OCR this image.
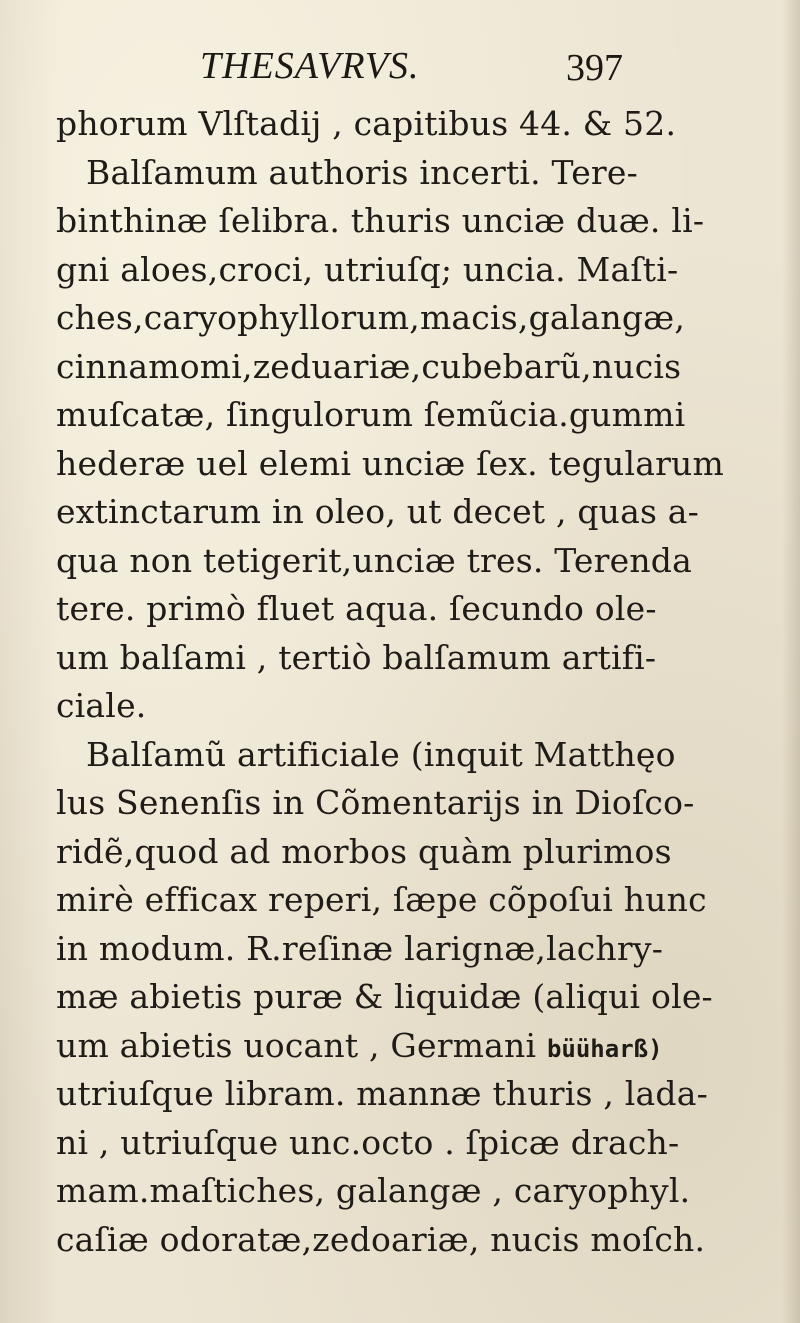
THESAVRVS.	397
phorum Vlſtadij , capitibus 44. & 52.
Balſamum authoris incerti. Tere-
binthinæ ſelibra. thuris unciæ duæ. li-
gni aloes,croci, utriuſq; uncia. Maſti-
ches,caryophyllorum,macis,galangæ,
cinnamomi,zeduariæ,cubebarũ,nucis
muſcatæ, ſingulorum ſemũcia.gummi
hederæ uel elemi unciæ ſex. tegularum
extinctarum in oleo, ut decet , quas a-
qua non tetigerit,unciæ tres. Terenda
tere. primò fluet aqua. ſecundo ole-
um balſami , tertiò balſamum artifi-
ciale.
Balſamũ artificiale (inquit Matthęo
lus Senenſis in Cõmentarijs in Dioſco-
ridẽ,quod ad morbos quàm plurimos
mirè efficax reperi, ſæpe cõpoſui hunc
in modum. R.reſinæ larignæ,lachry-
mæ abietis puræ & liquidæ (aliqui ole-
um abietis uocant , Germani büüharß)
utriuſque libram. mannæ thuris , lada-
ni , utriuſque unc.octo . ſpicæ drach-
mam.maſtiches, galangæ , caryophyl.
caſiæ odoratæ,zedoariæ, nucis moſch.
